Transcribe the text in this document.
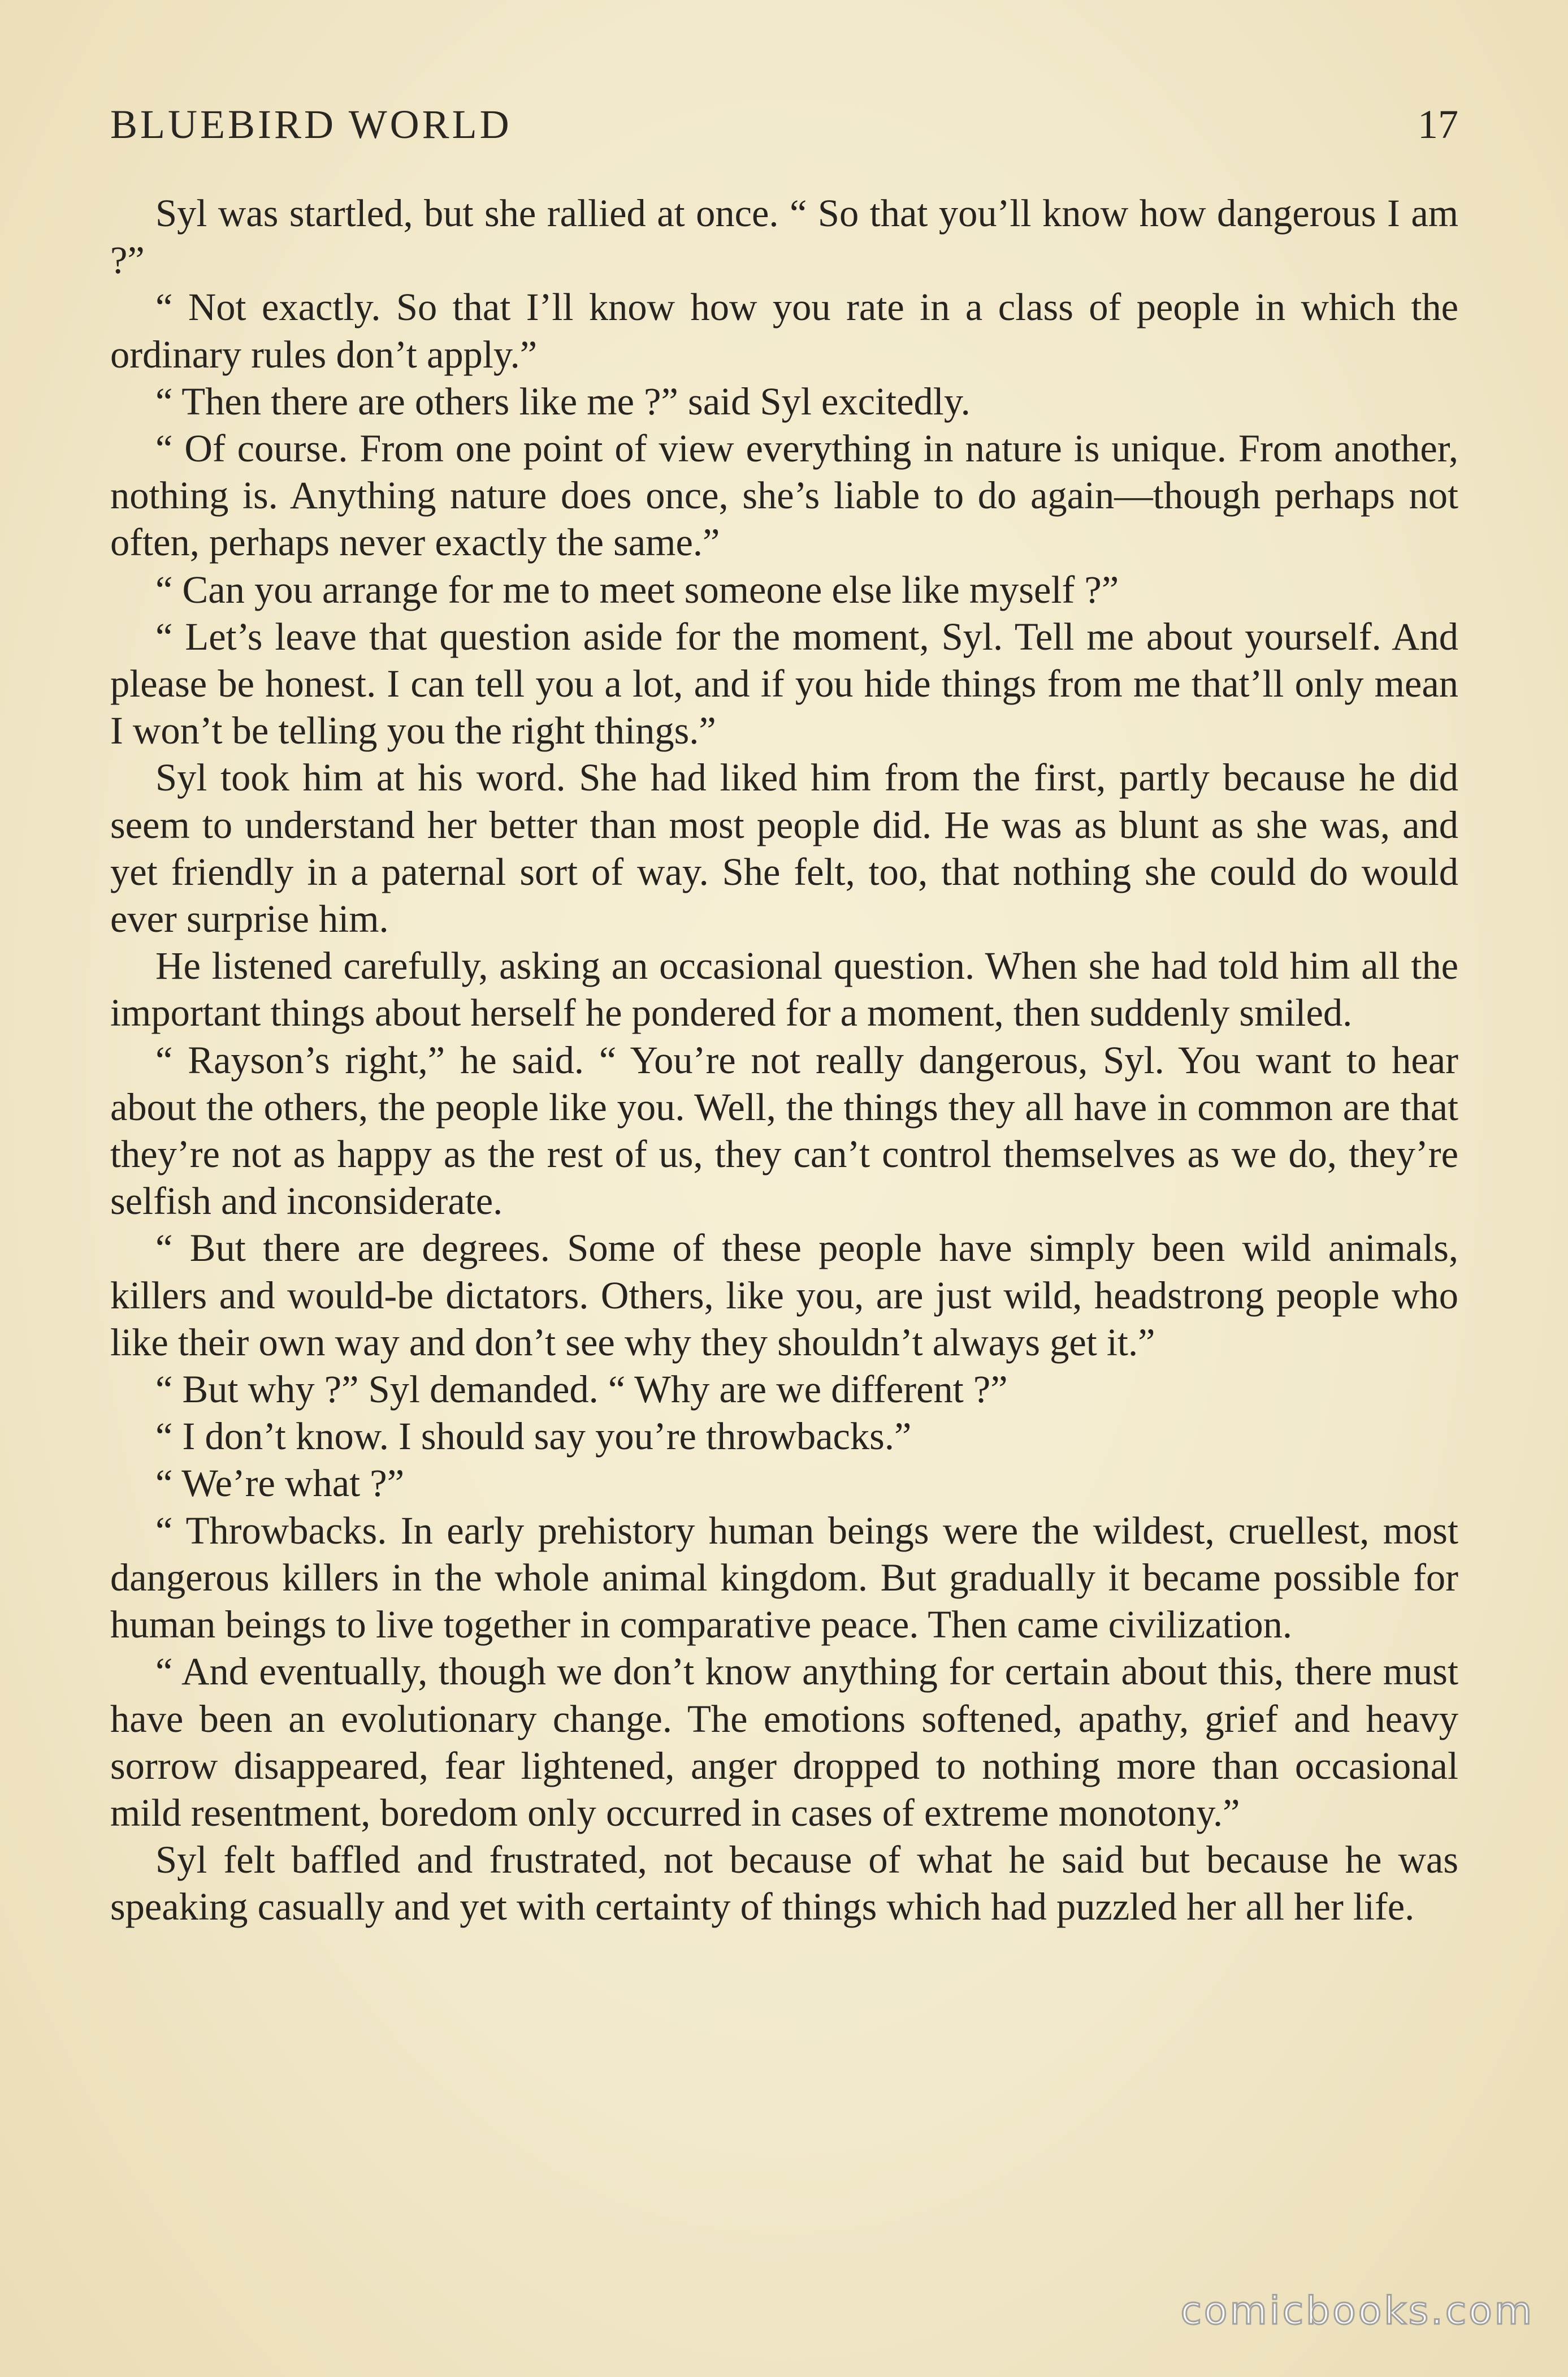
BLUEBIRD WORLD	17

Syl was startled, but she rallied at once. “ So that you’ll know how dangerous I am ?”

“ Not exactly. So that I’ll know how you rate in a class of people in which the ordinary rules don’t apply.”

“ Then there are others like me ?” said Syl excitedly.

“ Of course. From one point of view everything in nature is unique. From another, nothing is. Anything nature does once, she’s liable to do again—though perhaps not often, perhaps never exactly the same.”

“ Can you arrange for me to meet someone else like myself ?”

“ Let’s leave that question aside for the moment, Syl. Tell me about yourself. And please be honest. I can tell you a lot, and if you hide things from me that’ll only mean I won’t be telling you the right things.”

Syl took him at his word. She had liked him from the first, partly because he did seem to understand her better than most people did. He was as blunt as she was, and yet friendly in a paternal sort of way. She felt, too, that nothing she could do would ever surprise him.

He listened carefully, asking an occasional question. When she had told him all the important things about herself he pondered for a moment, then suddenly smiled.

“ Rayson’s right,” he said. “ You’re not really dangerous, Syl. You want to hear about the others, the people like you. Well, the things they all have in common are that they’re not as happy as the rest of us, they can’t control themselves as we do, they’re selfish and inconsiderate.

“ But there are degrees. Some of these people have simply been wild animals, killers and would-be dictators. Others, like you, are just wild, headstrong people who like their own way and don’t see why they shouldn’t always get it.”

“ But why ?” Syl demanded. “ Why are we different ?”

“ I don’t know. I should say you’re throwbacks.”

“ We’re what ?”

“ Throwbacks. In early prehistory human beings were the wildest, cruellest, most dangerous killers in the whole animal kingdom. But gradually it became possible for human beings to live together in comparative peace. Then came civilization.

“ And eventually, though we don’t know anything for certain about this, there must have been an evolutionary change. The emotions softened, apathy, grief and heavy sorrow disappeared, fear lightened, anger dropped to nothing more than occasional mild resentment, boredom only occurred in cases of extreme monotony.”

Syl felt baffled and frustrated, not because of what he said but because he was speaking casually and yet with certainty of things which had puzzled her all her life.

comicbooks.com
